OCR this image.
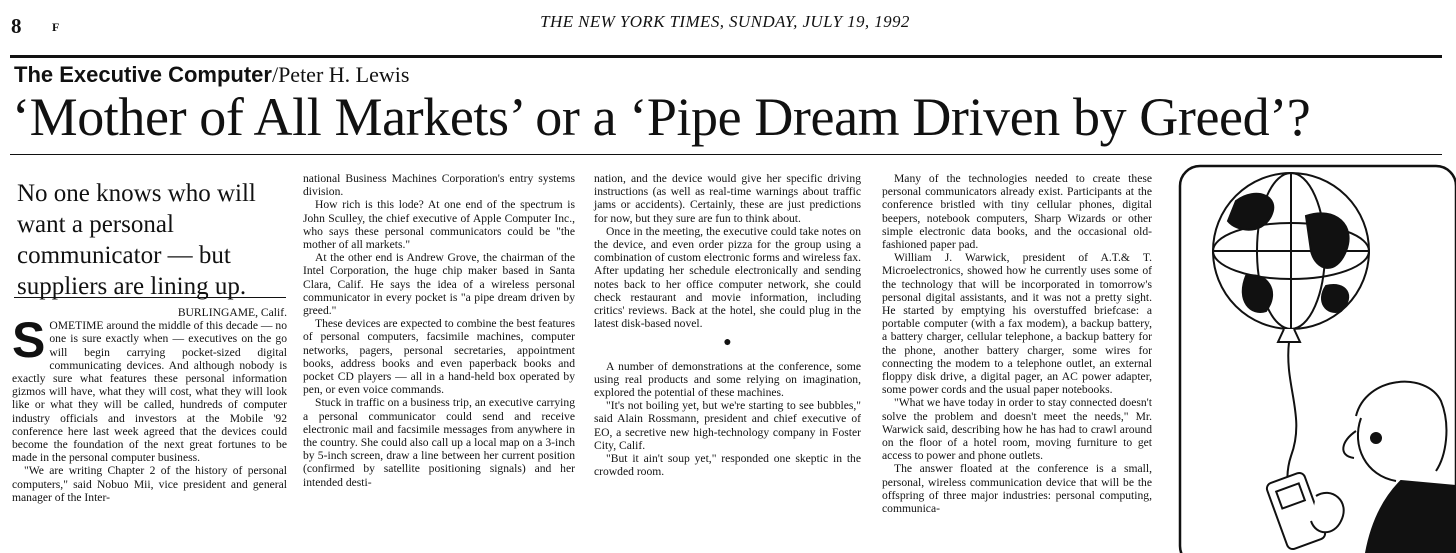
8	F	THE NEW YORK TIMES, SUNDAY, JULY 19, 1992
The Executive Computer/Peter H. Lewis
‘Mother of All Markets’ or a ‘Pipe Dream Driven by Greed’?
No one knows who will want a personal communicator — but suppliers are lining up.

BURLINGAME, Calif.

SOMETIME around the middle of this decade — no one is sure exactly when — executives on the go will begin carrying pocket-sized digital communicating devices. And although nobody is exactly sure what features these personal information gizmos will have, what they will cost, what they will look like or what they will be called, hundreds of computer industry officials and investors at the Mobile '92 conference here last week agreed that the devices could become the foundation of the next great fortunes to be made in the personal computer business.

"We are writing Chapter 2 of the history of personal computers," said Nobuo Mii, vice president and general manager of the Inter-

national Business Machines Corporation's entry systems division.

How rich is this lode? At one end of the spectrum is John Sculley, the chief executive of Apple Computer Inc., who says these personal communicators could be "the mother of all markets."

At the other end is Andrew Grove, the chairman of the Intel Corporation, the huge chip maker based in Santa Clara, Calif. He says the idea of a wireless personal communicator in every pocket is "a pipe dream driven by greed."

These devices are expected to combine the best features of personal computers, facsimile machines, computer networks, pagers, personal secretaries, appointment books, address books and even paperback books and pocket CD players — all in a hand-held box operated by pen, or even voice commands.

Stuck in traffic on a business trip, an executive carrying a personal communicator could send and receive electronic mail and facsimile messages from anywhere in the country. She could also call up a local map on a 3-inch by 5-inch screen, draw a line between her current position (confirmed by satellite positioning signals) and her intended desti-

nation, and the device would give her specific driving instructions (as well as real-time warnings about traffic jams or accidents). Certainly, these are just predictions for now, but they sure are fun to think about.

Once in the meeting, the executive could take notes on the device, and even order pizza for the group using a combination of custom electronic forms and wireless fax. After updating her schedule electronically and sending notes back to her office computer network, she could check restaurant and movie information, including critics' reviews. Back at the hotel, she could plug in the latest disk-based novel.

●

A number of demonstrations at the conference, some using real products and some relying on imagination, explored the potential of these machines.

"It's not boiling yet, but we're starting to see bubbles," said Alain Rossmann, president and chief executive of EO, a secretive new high-technology company in Foster City, Calif.

"But it ain't soup yet," responded one skeptic in the crowded room.

Many of the technologies needed to create these personal communicators already exist. Participants at the conference bristled with tiny cellular phones, digital beepers, notebook computers, Sharp Wizards or other simple electronic data books, and the occasional old-fashioned paper pad.

William J. Warwick, president of A.T.& T. Microelectronics, showed how he currently uses some of the technology that will be incorporated in tomorrow's personal digital assistants, and it was not a pretty sight. He started by emptying his overstuffed briefcase: a portable computer (with a fax modem), a backup battery, a battery charger, cellular telephone, a backup battery for the phone, another battery charger, some wires for connecting the modem to a telephone outlet, an external floppy disk drive, a digital pager, an AC power adapter, some power cords and the usual paper notebooks.

"What we have today in order to stay connected doesn't solve the problem and doesn't meet the needs," Mr. Warwick said, describing how he has had to crawl around on the floor of a hotel room, moving furniture to get access to power and phone outlets.

The answer floated at the conference is a small, personal, wireless communication device that will be the offspring of three major industries: personal computing, communica-
